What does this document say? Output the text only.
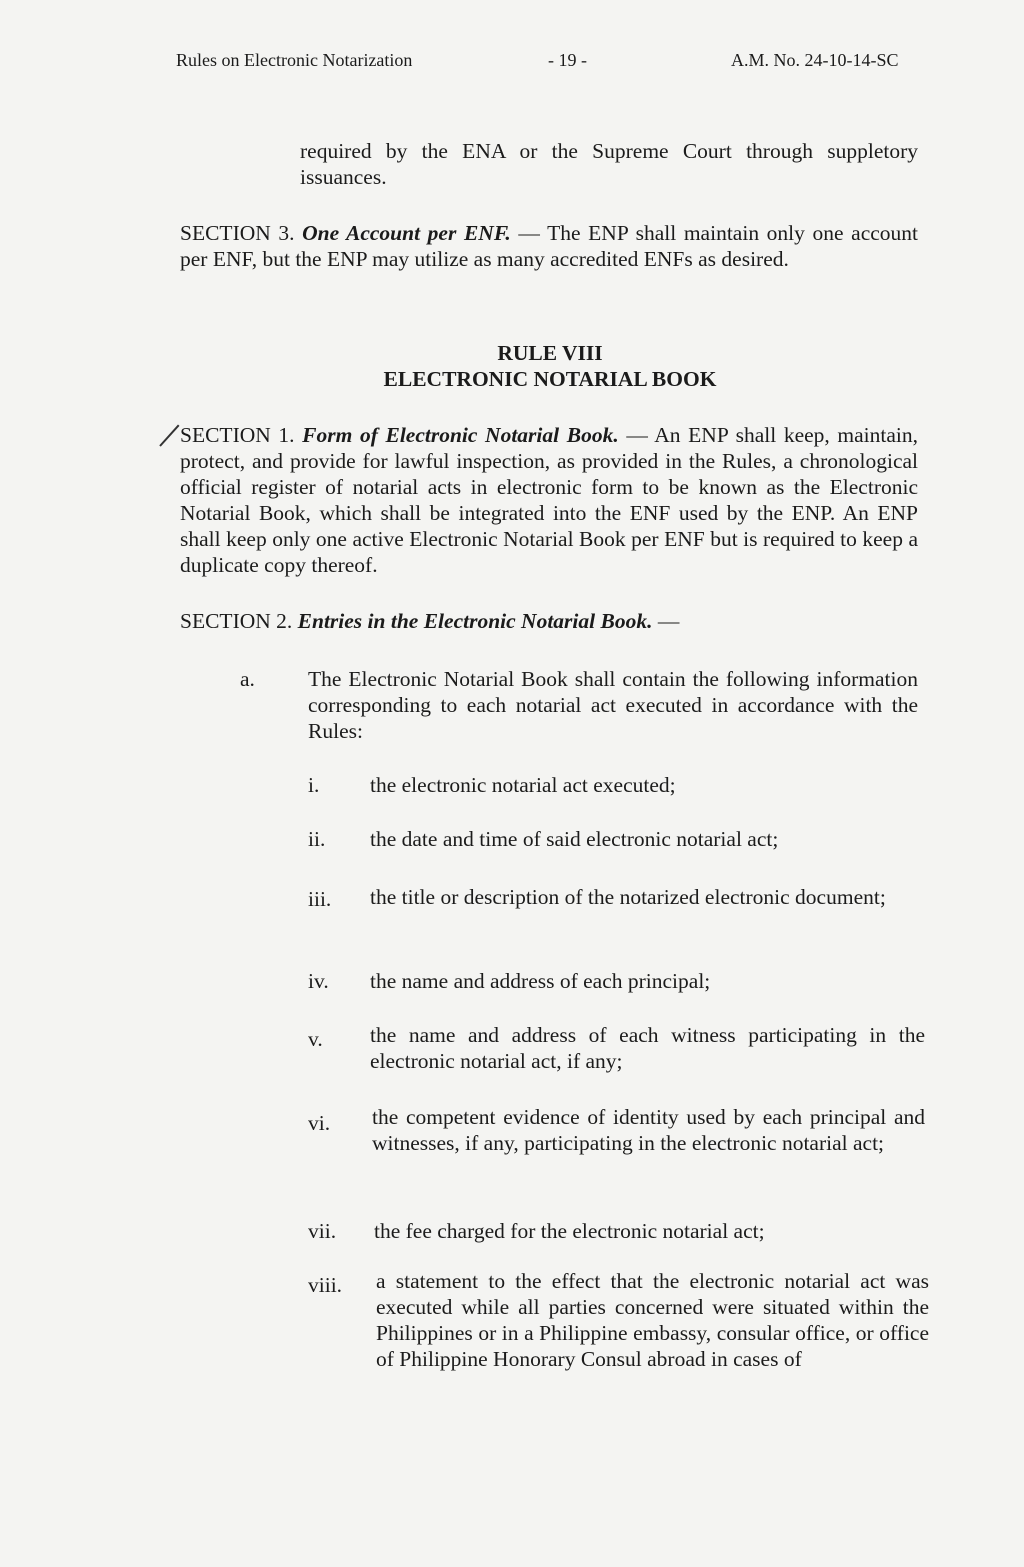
Rules on Electronic Notarization	- 19 -	A.M. No. 24-10-14-SC
required by the ENA or the Supreme Court through suppletory issuances.
SECTION 3. One Account per ENF. — The ENP shall maintain only one account per ENF, but the ENP may utilize as many accredited ENFs as desired.
RULE VIII
ELECTRONIC NOTARIAL BOOK
SECTION 1. Form of Electronic Notarial Book. — An ENP shall keep, maintain, protect, and provide for lawful inspection, as provided in the Rules, a chronological official register of notarial acts in electronic form to be known as the Electronic Notarial Book, which shall be integrated into the ENF used by the ENP. An ENP shall keep only one active Electronic Notarial Book per ENF but is required to keep a duplicate copy thereof.
SECTION 2. Entries in the Electronic Notarial Book. —
a. The Electronic Notarial Book shall contain the following information corresponding to each notarial act executed in accordance with the Rules:
i. the electronic notarial act executed;
ii. the date and time of said electronic notarial act;
iii. the title or description of the notarized electronic document;
iv. the name and address of each principal;
v. the name and address of each witness participating in the electronic notarial act, if any;
vi. the competent evidence of identity used by each principal and witnesses, if any, participating in the electronic notarial act;
vii. the fee charged for the electronic notarial act;
viii. a statement to the effect that the electronic notarial act was executed while all parties concerned were situated within the Philippines or in a Philippine embassy, consular office, or office of Philippine Honorary Consul abroad in cases of
